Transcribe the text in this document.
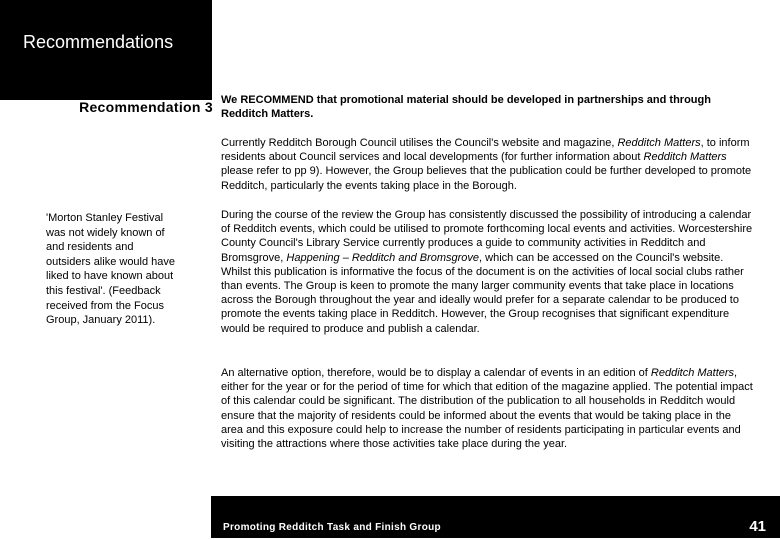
Recommendations
Recommendation 3 We RECOMMEND that promotional material should be developed in partnerships and through Redditch Matters.
Currently Redditch Borough Council utilises the Council's website and magazine, Redditch Matters, to inform residents about Council services and local developments (for further information about Redditch Matters please refer to pp 9). However, the Group believes that the publication could be further developed to promote Redditch, particularly the events taking place in the Borough.
During the course of the review the Group has consistently discussed the possibility of introducing a calendar of Redditch events, which could be utilised to promote forthcoming local events and activities. Worcestershire County Council's Library Service currently produces a guide to community activities in Redditch and Bromsgrove, Happening – Redditch and Bromsgrove, which can be accessed on the Council's website. Whilst this publication is informative the focus of the document is on the activities of local social clubs rather than events. The Group is keen to promote the many larger community events that take place in locations across the Borough throughout the year and ideally would prefer for a separate calendar to be produced to promote the events taking place in Redditch. However, the Group recognises that significant expenditure would be required to produce and publish a calendar.
An alternative option, therefore, would be to display a calendar of events in an edition of Redditch Matters, either for the year or for the period of time for which that edition of the magazine applied. The potential impact of this calendar could be significant. The distribution of the publication to all households in Redditch would ensure that the majority of residents could be informed about the events that would be taking place in the area and this exposure could help to increase the number of residents participating in particular events and visiting the attractions where those activities take place during the year.
'Morton Stanley Festival was not widely known of and residents and outsiders alike would have liked to have known about this festival'. (Feedback received from the Focus Group, January 2011).
Promoting Redditch Task and Finish Group	41
